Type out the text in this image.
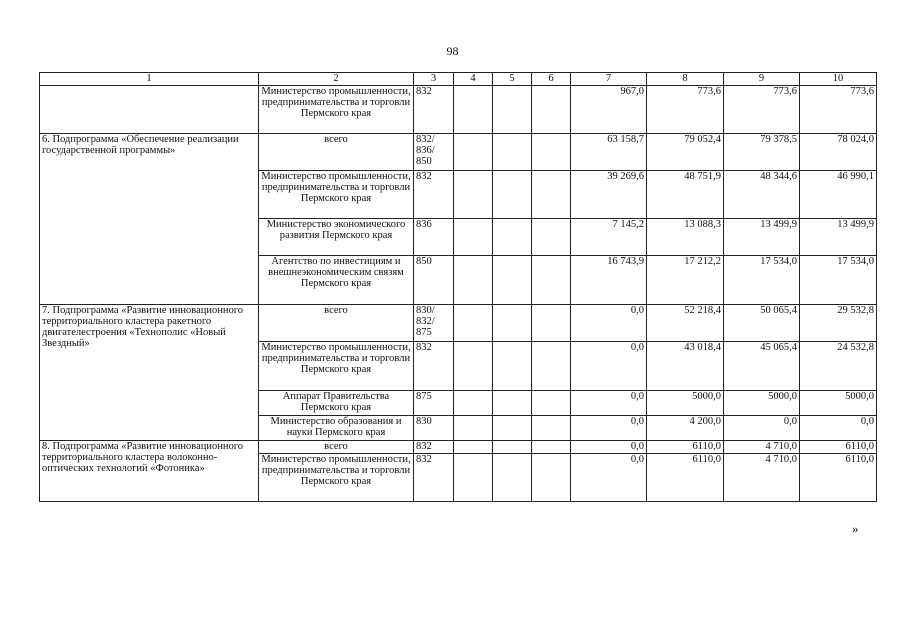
98
1	2	3	4	5	6	7	8	9	10
	Министерство промышленности, предпринимательства и торговли Пермского края	832				967,0	773,6	773,6	773,6
6. Подпрограмма «Обеспечение реализации государственной программы»	всего	832/ 836/ 850				63 158,7	79 052,4	79 378,5	78 024,0
	Министерство промышленности, предпринимательства и торговли Пермского края	832				39 269,6	48 751,9	48 344,6	46 990,1
	Министерство экономического развития Пермского края	836				7 145,2	13 088,3	13 499,9	13 499,9
	Агентство по инвестициям и внешнеэкономическим связям Пермского края	850				16 743,9	17 212,2	17 534,0	17 534,0
7. Подпрограмма «Развитие инновационного территориального кластера ракетного двигателестроения «Технополис «Новый Звездный»	всего	830/ 832/ 875				0,0	52 218,4	50 065,4	29 532,8
	Министерство промышленности, предпринимательства и торговли Пермского края	832				0,0	43 018,4	45 065,4	24 532,8
	Аппарат Правительства Пермского края	875				0,0	5000,0	5000,0	5000,0
	Министерство образования и науки Пермского края	830				0,0	4 200,0	0,0	0,0
8. Подпрограмма «Развитие инновационного территориального кластера волоконно-оптических технологий «Фотоника»	всего	832				0,0	6110,0	4 710,0	6110,0
	Министерство промышленности, предпринимательства и торговли Пермского края	832				0,0	6110,0	4 710,0	6110,0
»
